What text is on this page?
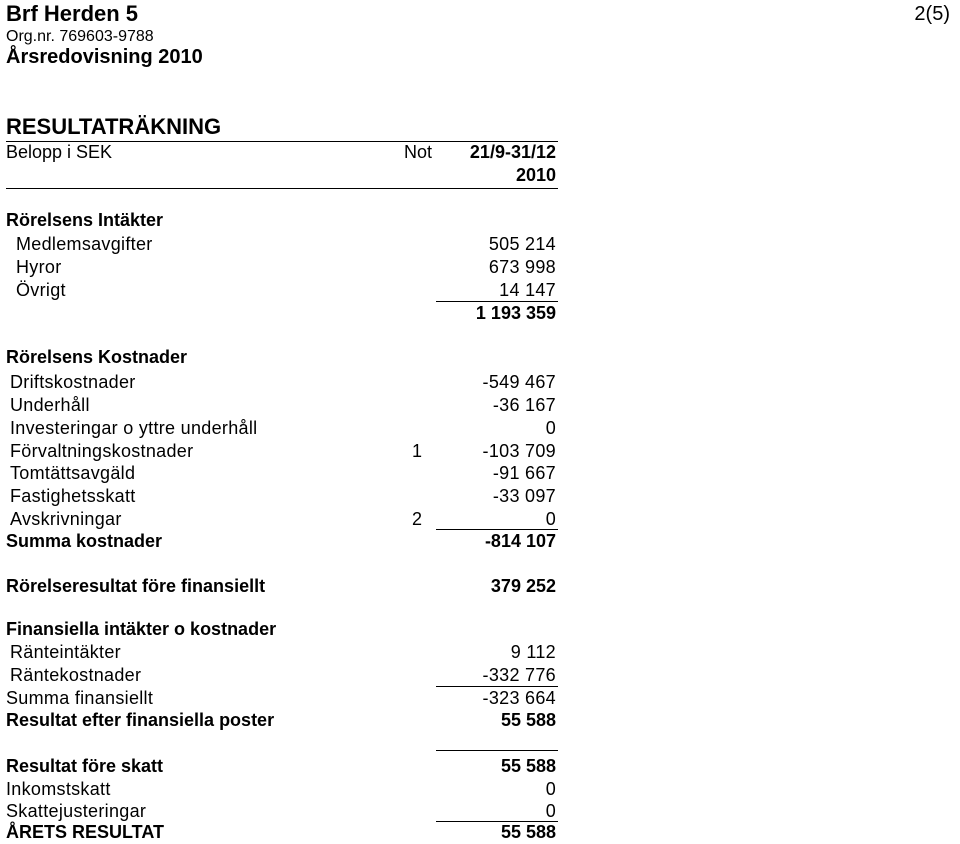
Brf Herden 5	2(5)
Org.nr. 769603-9788
Årsredovisning 2010
RESULTATRÄKNING
Belopp i SEK	Not 21/9-31/12
2010
Rörelsens Intäkter
Medlemsavgifter	505 214
Hyror	673 998
Övrigt	14 147
1 193 359
Rörelsens Kostnader
Driftskostnader	-549 467
Underhåll	-36 167
Investeringar o yttre underhåll	0
Förvaltningskostnader	1	-103 709
Tomtättsavgäld	-91 667
Fastighetsskatt	-33 097
Avskrivningar	2	0
Summa kostnader	-814 107
Rörelseresultat före finansiellt	379 252
Finansiella intäkter o kostnader
Ränteintäkter	9 112
Räntekostnader	-332 776
Summa finansiellt	-323 664
Resultat efter finansiella poster	55 588
Resultat före skatt	55 588
Inkomstskatt	0
Skattejusteringar	0
ÅRETS RESULTAT	55 588
